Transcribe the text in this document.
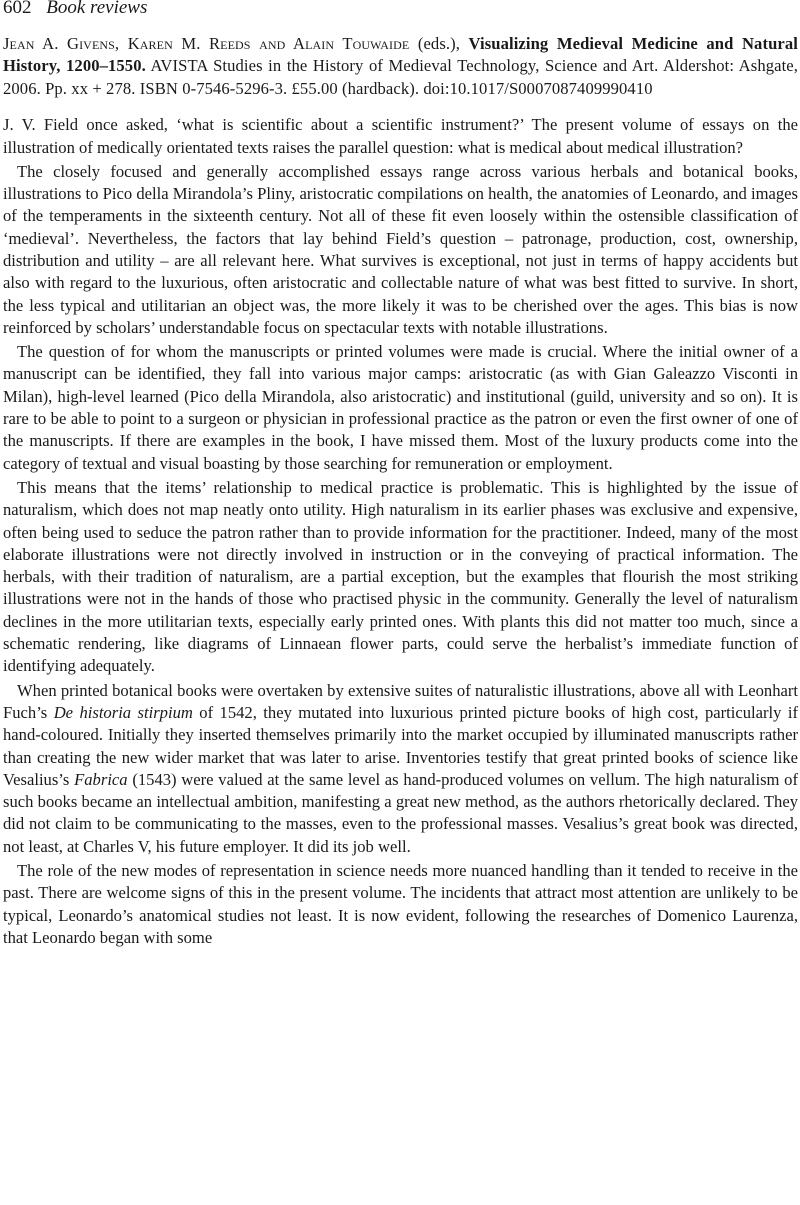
602 Book reviews
Jean A. Givens, Karen M. Reeds and Alain Touwaide (eds.), Visualizing Medieval Medicine and Natural History, 1200–1550. AVISTA Studies in the History of Medieval Technology, Science and Art. Aldershot: Ashgate, 2006. Pp. xx + 278. ISBN 0-7546-5296-3. £55.00 (hardback). doi:10.1017/S0007087409990410

J. V. Field once asked, ‘what is scientific about a scientific instrument?’ The present volume of essays on the illustration of medically orientated texts raises the parallel question: what is medical about medical illustration?

The closely focused and generally accomplished essays range across various herbals and botanical books, illustrations to Pico della Mirandola’s Pliny, aristocratic compilations on health, the anatomies of Leonardo, and images of the temperaments in the sixteenth century. Not all of these fit even loosely within the ostensible classification of ‘medieval’. Nevertheless, the factors that lay behind Field’s question – patronage, production, cost, ownership, distribution and utility – are all relevant here. What survives is exceptional, not just in terms of happy accidents but also with regard to the luxurious, often aristocratic and collectable nature of what was best fitted to survive. In short, the less typical and utilitarian an object was, the more likely it was to be cherished over the ages. This bias is now reinforced by scholars’ understandable focus on spectacular texts with notable illustrations.

The question of for whom the manuscripts or printed volumes were made is crucial. Where the initial owner of a manuscript can be identified, they fall into various major camps: aristocratic (as with Gian Galeazzo Visconti in Milan), high-level learned (Pico della Mirandola, also aristocratic) and institutional (guild, university and so on). It is rare to be able to point to a surgeon or physician in professional practice as the patron or even the first owner of one of the manuscripts. If there are examples in the book, I have missed them. Most of the luxury products come into the category of textual and visual boasting by those searching for remuneration or employment.

This means that the items’ relationship to medical practice is problematic. This is highlighted by the issue of naturalism, which does not map neatly onto utility. High naturalism in its earlier phases was exclusive and expensive, often being used to seduce the patron rather than to provide information for the practitioner. Indeed, many of the most elaborate illustrations were not directly involved in instruction or in the conveying of practical information. The herbals, with their tradition of naturalism, are a partial exception, but the examples that flourish the most striking illustrations were not in the hands of those who practised physic in the community. Generally the level of naturalism declines in the more utilitarian texts, especially early printed ones. With plants this did not matter too much, since a schematic rendering, like diagrams of Linnaean flower parts, could serve the herbalist’s immediate function of identifying adequately.

When printed botanical books were overtaken by extensive suites of naturalistic illustrations, above all with Leonhart Fuch’s De historia stirpium of 1542, they mutated into luxurious printed picture books of high cost, particularly if hand-coloured. Initially they inserted themselves primarily into the market occupied by illuminated manuscripts rather than creating the new wider market that was later to arise. Inventories testify that great printed books of science like Vesalius’s Fabrica (1543) were valued at the same level as hand-produced volumes on vellum. The high naturalism of such books became an intellectual ambition, manifesting a great new method, as the authors rhetorically declared. They did not claim to be communicating to the masses, even to the professional masses. Vesalius’s great book was directed, not least, at Charles V, his future employer. It did its job well.

The role of the new modes of representation in science needs more nuanced handling than it tended to receive in the past. There are welcome signs of this in the present volume. The incidents that attract most attention are unlikely to be typical, Leonardo’s anatomical studies not least. It is now evident, following the researches of Domenico Laurenza, that Leonardo began with some
